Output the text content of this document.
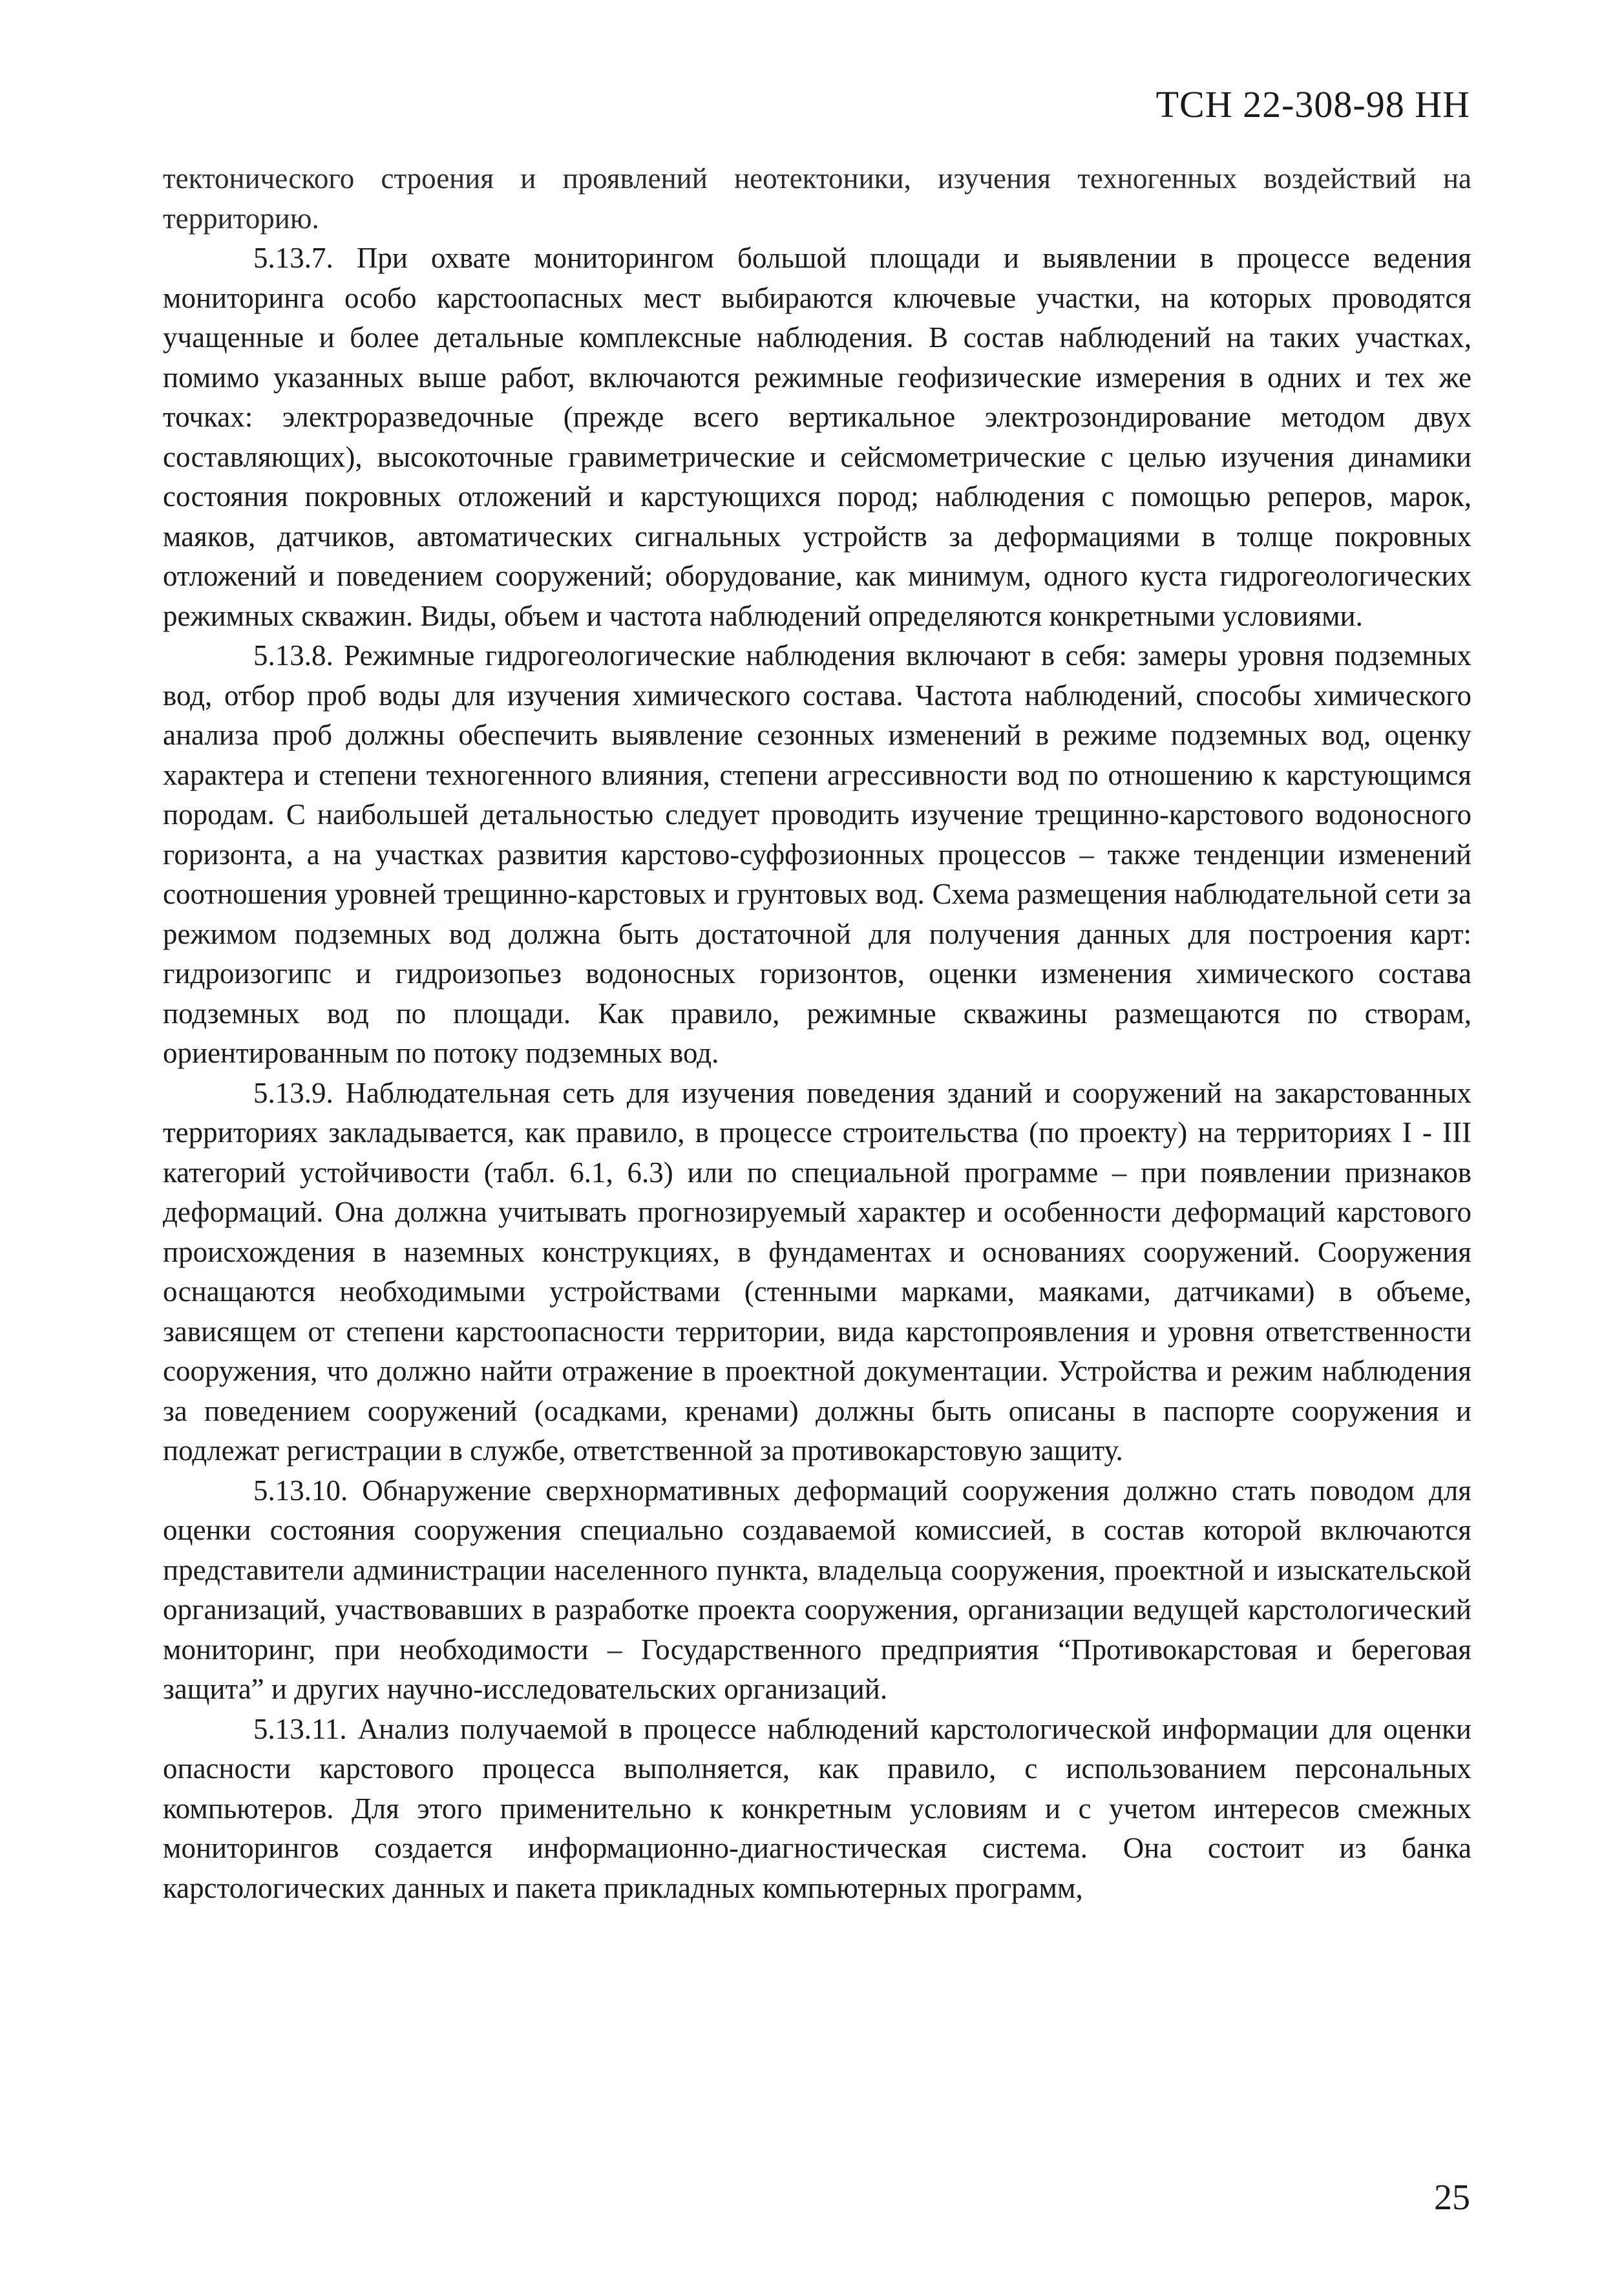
ТСН 22-308-98 НН

тектонического строения и проявлений неотектоники, изучения техногенных воздействий на территорию.

5.13.7. При охвате мониторингом большой площади и выявлении в процессе ведения мониторинга особо карстоопасных мест выбираются ключевые участки, на которых проводятся учащенные и более детальные комплексные наблюдения. В состав наблюдений на таких участках, помимо указанных выше работ, включаются режимные геофизические измерения в одних и тех же точках: электроразведочные (прежде всего вертикальное электрозондирование методом двух составляющих), высокоточные гравиметрические и сейсмометрические с целью изучения динамики состояния покровных отложений и карстующихся пород; наблюдения с помощью реперов, марок, маяков, датчиков, автоматических сигнальных устройств за деформациями в толще покровных отложений и поведением сооружений; оборудование, как минимум, одного куста гидрогеологических режимных скважин. Виды, объем и частота наблюдений определяются конкретными условиями.

5.13.8. Режимные гидрогеологические наблюдения включают в себя: замеры уровня подземных вод, отбор проб воды для изучения химического состава. Частота наблюдений, способы химического анализа проб должны обеспечить выявление сезонных изменений в режиме подземных вод, оценку характера и степени техногенного влияния, степени агрессивности вод по отношению к карстующимся породам. С наибольшей детальностью следует проводить изучение трещинно-карстового водоносного горизонта, а на участках развития карстово-суффозионных процессов – также тенденции изменений соотношения уровней трещинно-карстовых и грунтовых вод. Схема размещения наблюдательной сети за режимом подземных вод должна быть достаточной для получения данных для построения карт: гидроизогипс и гидроизопьез водоносных горизонтов, оценки изменения химического состава подземных вод по площади. Как правило, режимные скважины размещаются по створам, ориентированным по потоку подземных вод.

5.13.9. Наблюдательная сеть для изучения поведения зданий и сооружений на закарстованных территориях закладывается, как правило, в процессе строительства (по проекту) на территориях I - III категорий устойчивости (табл. 6.1, 6.3) или по специальной программе – при появлении признаков деформаций. Она должна учитывать прогнозируемый характер и особенности деформаций карстового происхождения в наземных конструкциях, в фундаментах и основаниях сооружений. Сооружения оснащаются необходимыми устройствами (стенными марками, маяками, датчиками) в объеме, зависящем от степени карстоопасности территории, вида карстопроявления и уровня ответственности сооружения, что должно найти отражение в проектной документации. Устройства и режим наблюдения за поведением сооружений (осадками, кренами) должны быть описаны в паспорте сооружения и подлежат регистрации в службе, ответственной за противокарстовую защиту.

5.13.10. Обнаружение сверхнормативных деформаций сооружения должно стать поводом для оценки состояния сооружения специально создаваемой комиссией, в состав которой включаются представители администрации населенного пункта, владельца сооружения, проектной и изыскательской организаций, участвовавших в разработке проекта сооружения, организации ведущей карстологический мониторинг, при необходимости – Государственного предприятия “Противокарстовая и береговая защита” и других научно-исследовательских организаций.

5.13.11. Анализ получаемой в процессе наблюдений карстологической информации для оценки опасности карстового процесса выполняется, как правило, с использованием персональных компьютеров. Для этого применительно к конкретным условиям и с учетом интересов смежных мониторингов создается информационно-диагностическая система. Она состоит из банка карстологических данных и пакета прикладных компьютерных программ,

25
